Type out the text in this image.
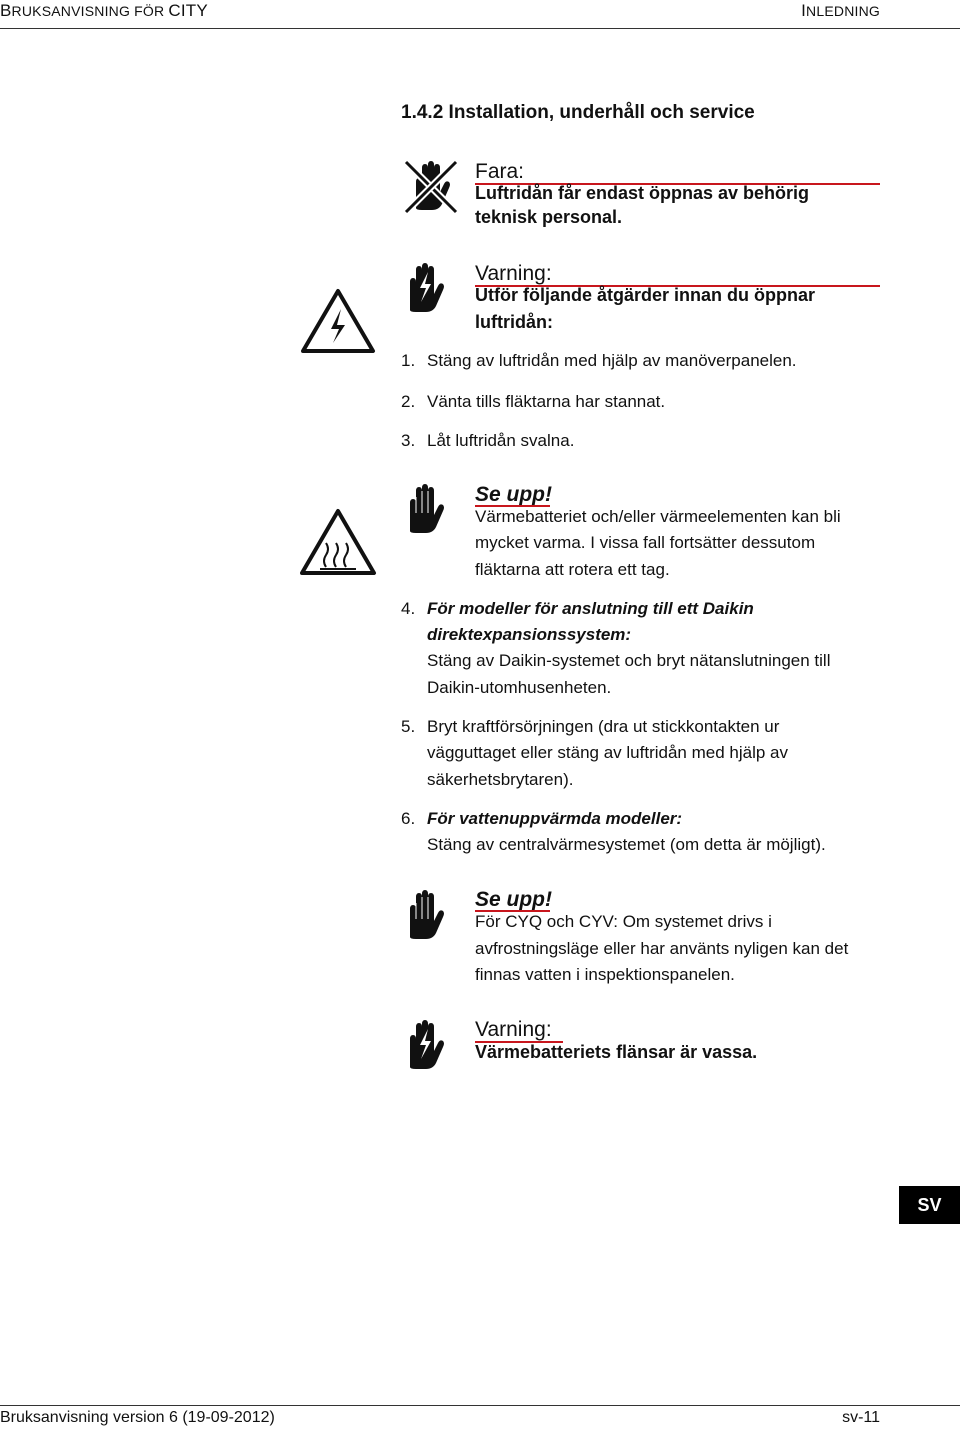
BRUKSANVISNING FÖR CITY	INLEDNING
1.4.2 Installation, underhåll och service
Fara:
Luftridån får endast öppnas av behörig
teknisk personal.
Varning:
Utför följande åtgärder innan du öppnar
luftridån:
1. Stäng av luftridån med hjälp av manöverpanelen.
2. Vänta tills fläktarna har stannat.
3. Låt luftridån svalna.
Se upp!
Värmebatteriet och/eller värmeelementen kan bli
mycket varma. I vissa fall fortsätter dessutom
fläktarna att rotera ett tag.
4. För modeller för anslutning till ett Daikin
direktexpansionssystem:
Stäng av Daikin-systemet och bryt nätanslutningen till
Daikin-utomhusenheten.
5. Bryt kraftförsörjningen (dra ut stickkontakten ur
vägguttaget eller stäng av luftridån med hjälp av
säkerhetsbrytaren).
6. För vattenuppvärmda modeller:
Stäng av centralvärmesystemet (om detta är möjligt).
Se upp!
För CYQ och CYV: Om systemet drivs i
avfrostningsläge eller har använts nyligen kan det
finnas vatten i inspektionspanelen.
Varning:
Värmebatteriets flänsar är vassa.
SV
Bruksanvisning version 6 (19-09-2012)	sv-11
